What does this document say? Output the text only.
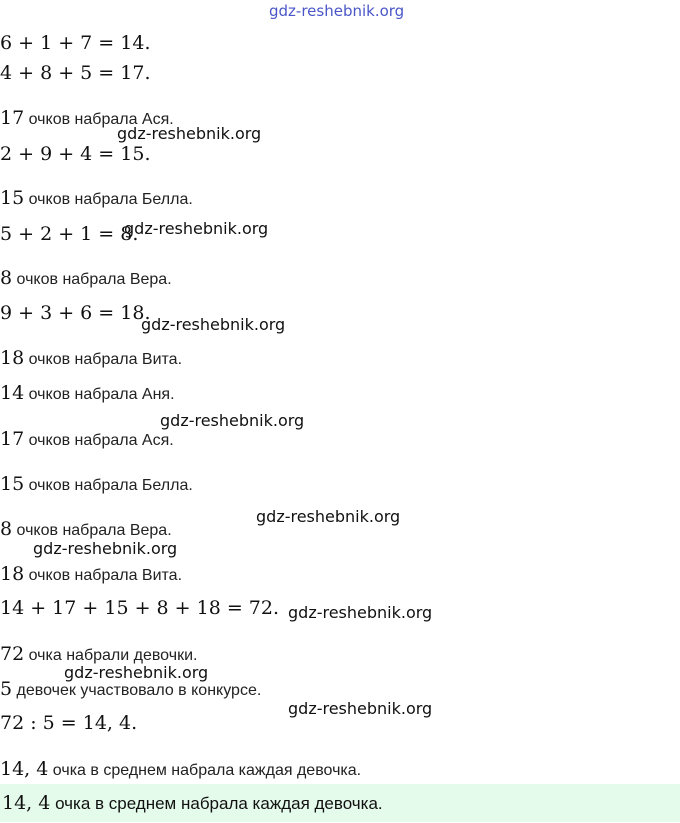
gdz-reshebnik.org
6 + 1 + 7 = 14.
4 + 8 + 5 = 17.
17 очков набрала Ася.
2 + 9 + 4 = 15.
15 очков набрала Белла.
5 + 2 + 1 = 8.
8 очков набрала Вера.
9 + 3 + 6 = 18.
18 очков набрала Вита.
14 очков набрала Аня.
17 очков набрала Ася.
15 очков набрала Белла.
8 очков набрала Вера.
18 очков набрала Вита.
14 + 17 + 15 + 8 + 18 = 72.
72 очка набрали девочки.
5 девочек участвовало в конкурсе.
72 : 5 = 14, 4.
14, 4 очка в среднем набрала каждая девочка.
14, 4 очка в среднем набрала каждая девочка.
gdz-reshebnik.org
gdz-reshebnik.org
gdz-reshebnik.org
gdz-reshebnik.org
gdz-reshebnik.org
gdz-reshebnik.org
gdz-reshebnik.org
gdz-reshebnik.org
gdz-reshebnik.org
